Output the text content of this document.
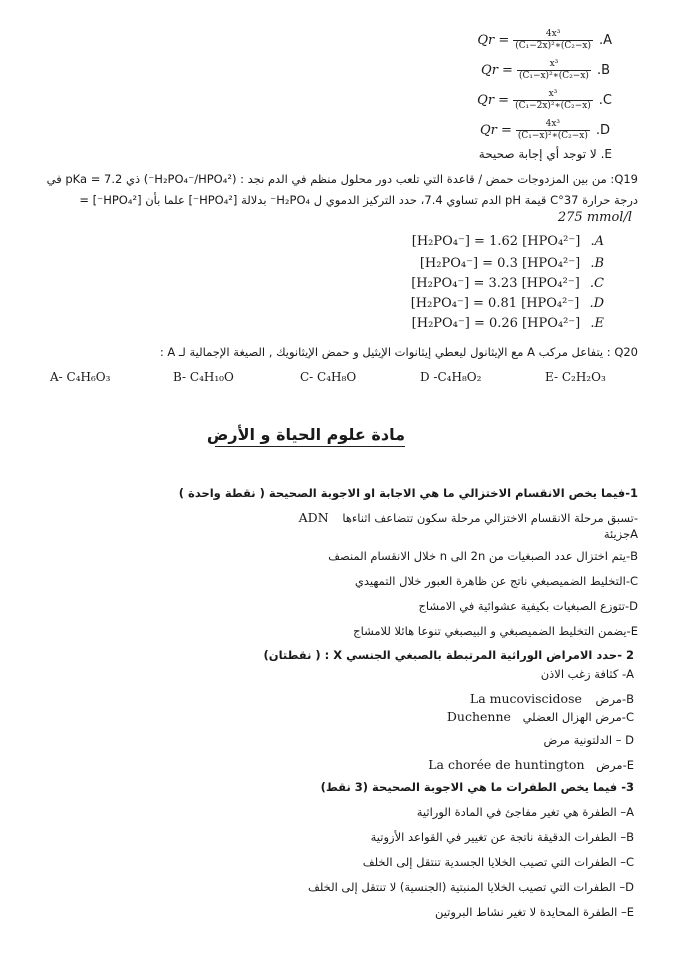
$Qr = \frac{\text{4x³}}{\text{(C₁−2x)²∗(C₂−x)}} .A$
$Qr = \frac{\text{x³}}{\text{(C₁−x)²∗(C₂−x)}} .B$
$Qr = \frac{\text{x³}}{\text{(C₁−2x)²∗(C₂−x)}} .C$
$Qr = \frac{\text{4x³}}{\text{(C₁−x)²∗(C₂−x)}} .D$
E. لا توجد أي إجابة صحيحة
Q19: من بين المزدوجات حمض / قاعدة التي تلعب دور محلول منظم في الدم نجد : (H₂PO₄⁻/HPO₄²⁻) ذي pKa = 7.2 في
درجة حرارة 37°C قيمة pH الدم تساوي 7.4، حدد التركيز الدموي ل H₂PO₄⁻ بدلالة [HPO₄²⁻] علما بأن [HPO₄²⁻] =
275 mmol/l
[H₂PO₄⁻] = 1.62 [HPO₄²⁻] .A
[H₂PO₄⁻] = 0.3 [HPO₄²⁻] .B
[H₂PO₄⁻] = 3.23 [HPO₄²⁻] .C
[H₂PO₄⁻] = 0.81 [HPO₄²⁻] .D
[H₂PO₄⁻] = 0.26 [HPO₄²⁻] .E
Q20 : يتفاعل مركب A مع الإيثانول ليعطي إيثانوات الإيثيل و حمض الإيثانويك , الصيغة الإجمالية لـ A :
A- C₄H₆O₃	B- C₄H₁₀O	C- C₄H₈O	D -C₄H₈O₂	E- C₂H₂O₃
مادة علوم الحياة و الأرض
1-فيما يخص الانقسام الاختزالي ما هي الاجابة او الاجوبة الصحيحة ( نقطة واحدة )
-تسبق مرحلة الانقسام الاختزالي مرحلة سكون تتضاعف اثناءها ADN
Aجزيئة
B-يتم اختزال عدد الصبغيات من 2n الى n خلال الانقسام المنصف
C-التخليط الضميصبغي ناتج عن ظاهرة العبور خلال التمهيدي
D-تتوزع الصبغيات بكيفية عشوائية في الامشاج
E-يضمن التخليط الضميصبغي و البيصبغي تنوعا هائلا للامشاج
2 -حدد الامراض الوراثية المرتبطة بالصبغي الجنسي X : ( نقطتان)
A- كثافة زغب الاذن
B-مرض La mucoviscidose
C-مرض الهزال العضلي Duchenne
D – الدلتونية مرض
E-مرض La chorée de huntington
3- فيما يخص الطفرات ما هي الاجوبة الصحيحة (3 نقط)
A– الطفرة هي تغير مفاجئ في المادة الوراثية
B– الطفرات الدقيقة ناتجة عن تغيير في القواعد الأزوتية
C– الطفرات التي تصيب الخلايا الجسدية تنتقل إلى الخلف
D– الطفرات التي تصيب الخلايا المنبتية (الجنسية) لا تنتقل إلى الخلف
E– الطفرة المحايدة لا تغير نشاط البروتين
